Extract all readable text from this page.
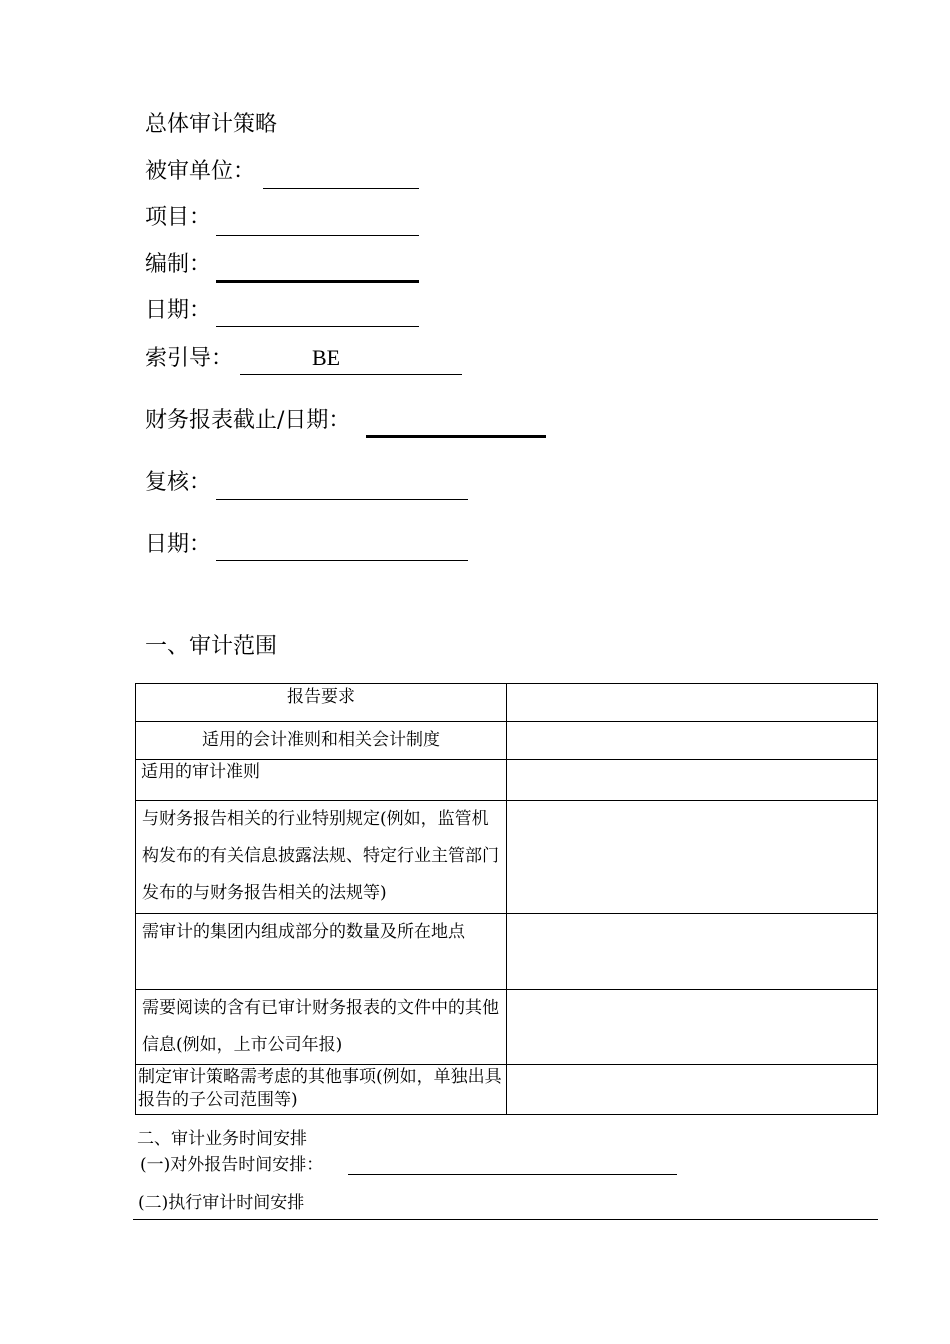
总体审计策略
被审单位：
项目：
编制：
日期：
索引导：	BE
财务报表截止/日期：
复核：
日期：
一、审计范围
报告要求	
适用的会计准则和相关会计制度	
适用的审计准则	
与财务报告相关的行业特别规定(例如，监管机构发布的有关信息披露法规、特定行业主管部门发布的与财务报告相关的法规等)	
需审计的集团内组成部分的数量及所在地点	
需要阅读的含有已审计财务报表的文件中的其他信息(例如，上市公司年报)	
制定审计策略需考虑的其他事项(例如，单独出具报告的子公司范围等)	
二、审计业务时间安排
(一)对外报告时间安排：
(二)执行审计时间安排
